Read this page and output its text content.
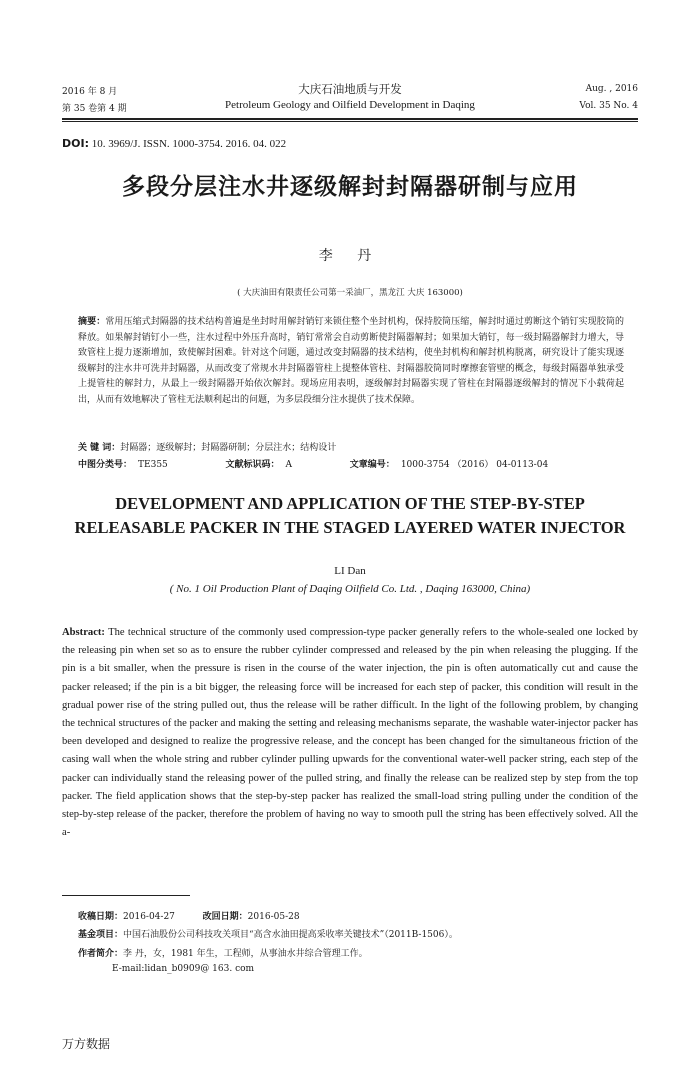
2016 年 8 月
第 35 卷第 4 期
大庆石油地质与开发
Petroleum Geology and Oilfield Development in Daqing
Aug. , 2016
Vol. 35 No. 4
DOI: 10. 3969/J. ISSN. 1000-3754. 2016. 04. 022
多段分层注水井逐级解封封隔器研制与应用
李 丹
( 大庆油田有限责任公司第一采油厂，黑龙江 大庆 163000)
摘要：常用压缩式封隔器的技术结构普遍是坐封时用解封销钉来锁住整个坐封机构，保持胶筒压缩，解封时通过剪断这个销钉实现胶筒的释放。如果解封销钉小一些，注水过程中外压升高时，销钉常常会自动剪断使封隔器解封；如果加大销钉，每一级封隔器解封力增大，导致管柱上提力逐渐增加，致使解封困难。针对这个问题，通过改变封隔器的技术结构，使坐封机构和解封机构脱离，研究设计了能实现逐级解封的注水井可洗井封隔器，从而改变了常规水井封隔器管柱上提整体管柱、封隔器胶筒同时摩擦套管壁的概念，每级封隔器单独承受上提管柱的解封力，从最上一级封隔器开始依次解封。现场应用表明，逐级解封封隔器实现了管柱在封隔器逐级解封的情况下小载荷起出，从而有效地解决了管柱无法顺利起出的问题，为多层段细分注水提供了技术保障。
关 键 词：封隔器；逐级解封；封隔器研制；分层注水；结构设计
中图分类号： TE355	文献标识码： A	文章编号： 1000-3754 （2016） 04-0113-04
DEVELOPMENT AND APPLICATION OF THE STEP-BY-STEP
RELEASABLE PACKER IN THE STAGED LAYERED WATER INJECTOR
LI Dan
( No. 1 Oil Production Plant of Daqing Oilfield Co. Ltd. , Daqing 163000, China)
Abstract: The technical structure of the commonly used compression-type packer generally refers to the whole-sealed one locked by the releasing pin when set so as to ensure the rubber cylinder compressed and released by the pin when releasing the plugging. If the pin is a bit smaller, when the pressure is risen in the course of the water injection, the pin is often automatically cut and cause the packer released; if the pin is a bit bigger, the releasing force will be increased for each step of packer, this condition will result in the gradual power rise of the string pulled out, thus the release will be rather difficult. In the light of the following problem, by changing the technical structures of the packer and making the setting and releasing mechanisms separate, the washable water-injector packer has been developed and designed to realize the progressive release, and the concept has been changed for the simultaneous friction of the casing wall when the whole string and rubber cylinder pulling upwards for the conventional water-well packer string, each step of the packer can individually stand the releasing power of the pulled string, and finally the release can be realized step by step from the top packer. The field application shows that the step-by-step packer has realized the small-load string pulling under the condition of the step-by-step release of the packer, therefore the problem of having no way to smooth pull the string has been effectively solved. All the a-
收稿日期：2016-04-27	改回日期：2016-05-28
基金项目：中国石油股份公司科技攻关项目“高含水油田提高采收率关键技术”（2011B-1506）。
作者简介：李 丹，女，1981 年生，工程师，从事油水井综合管理工作。
E-mail:lidan_b0909@ 163. com
万方数据
